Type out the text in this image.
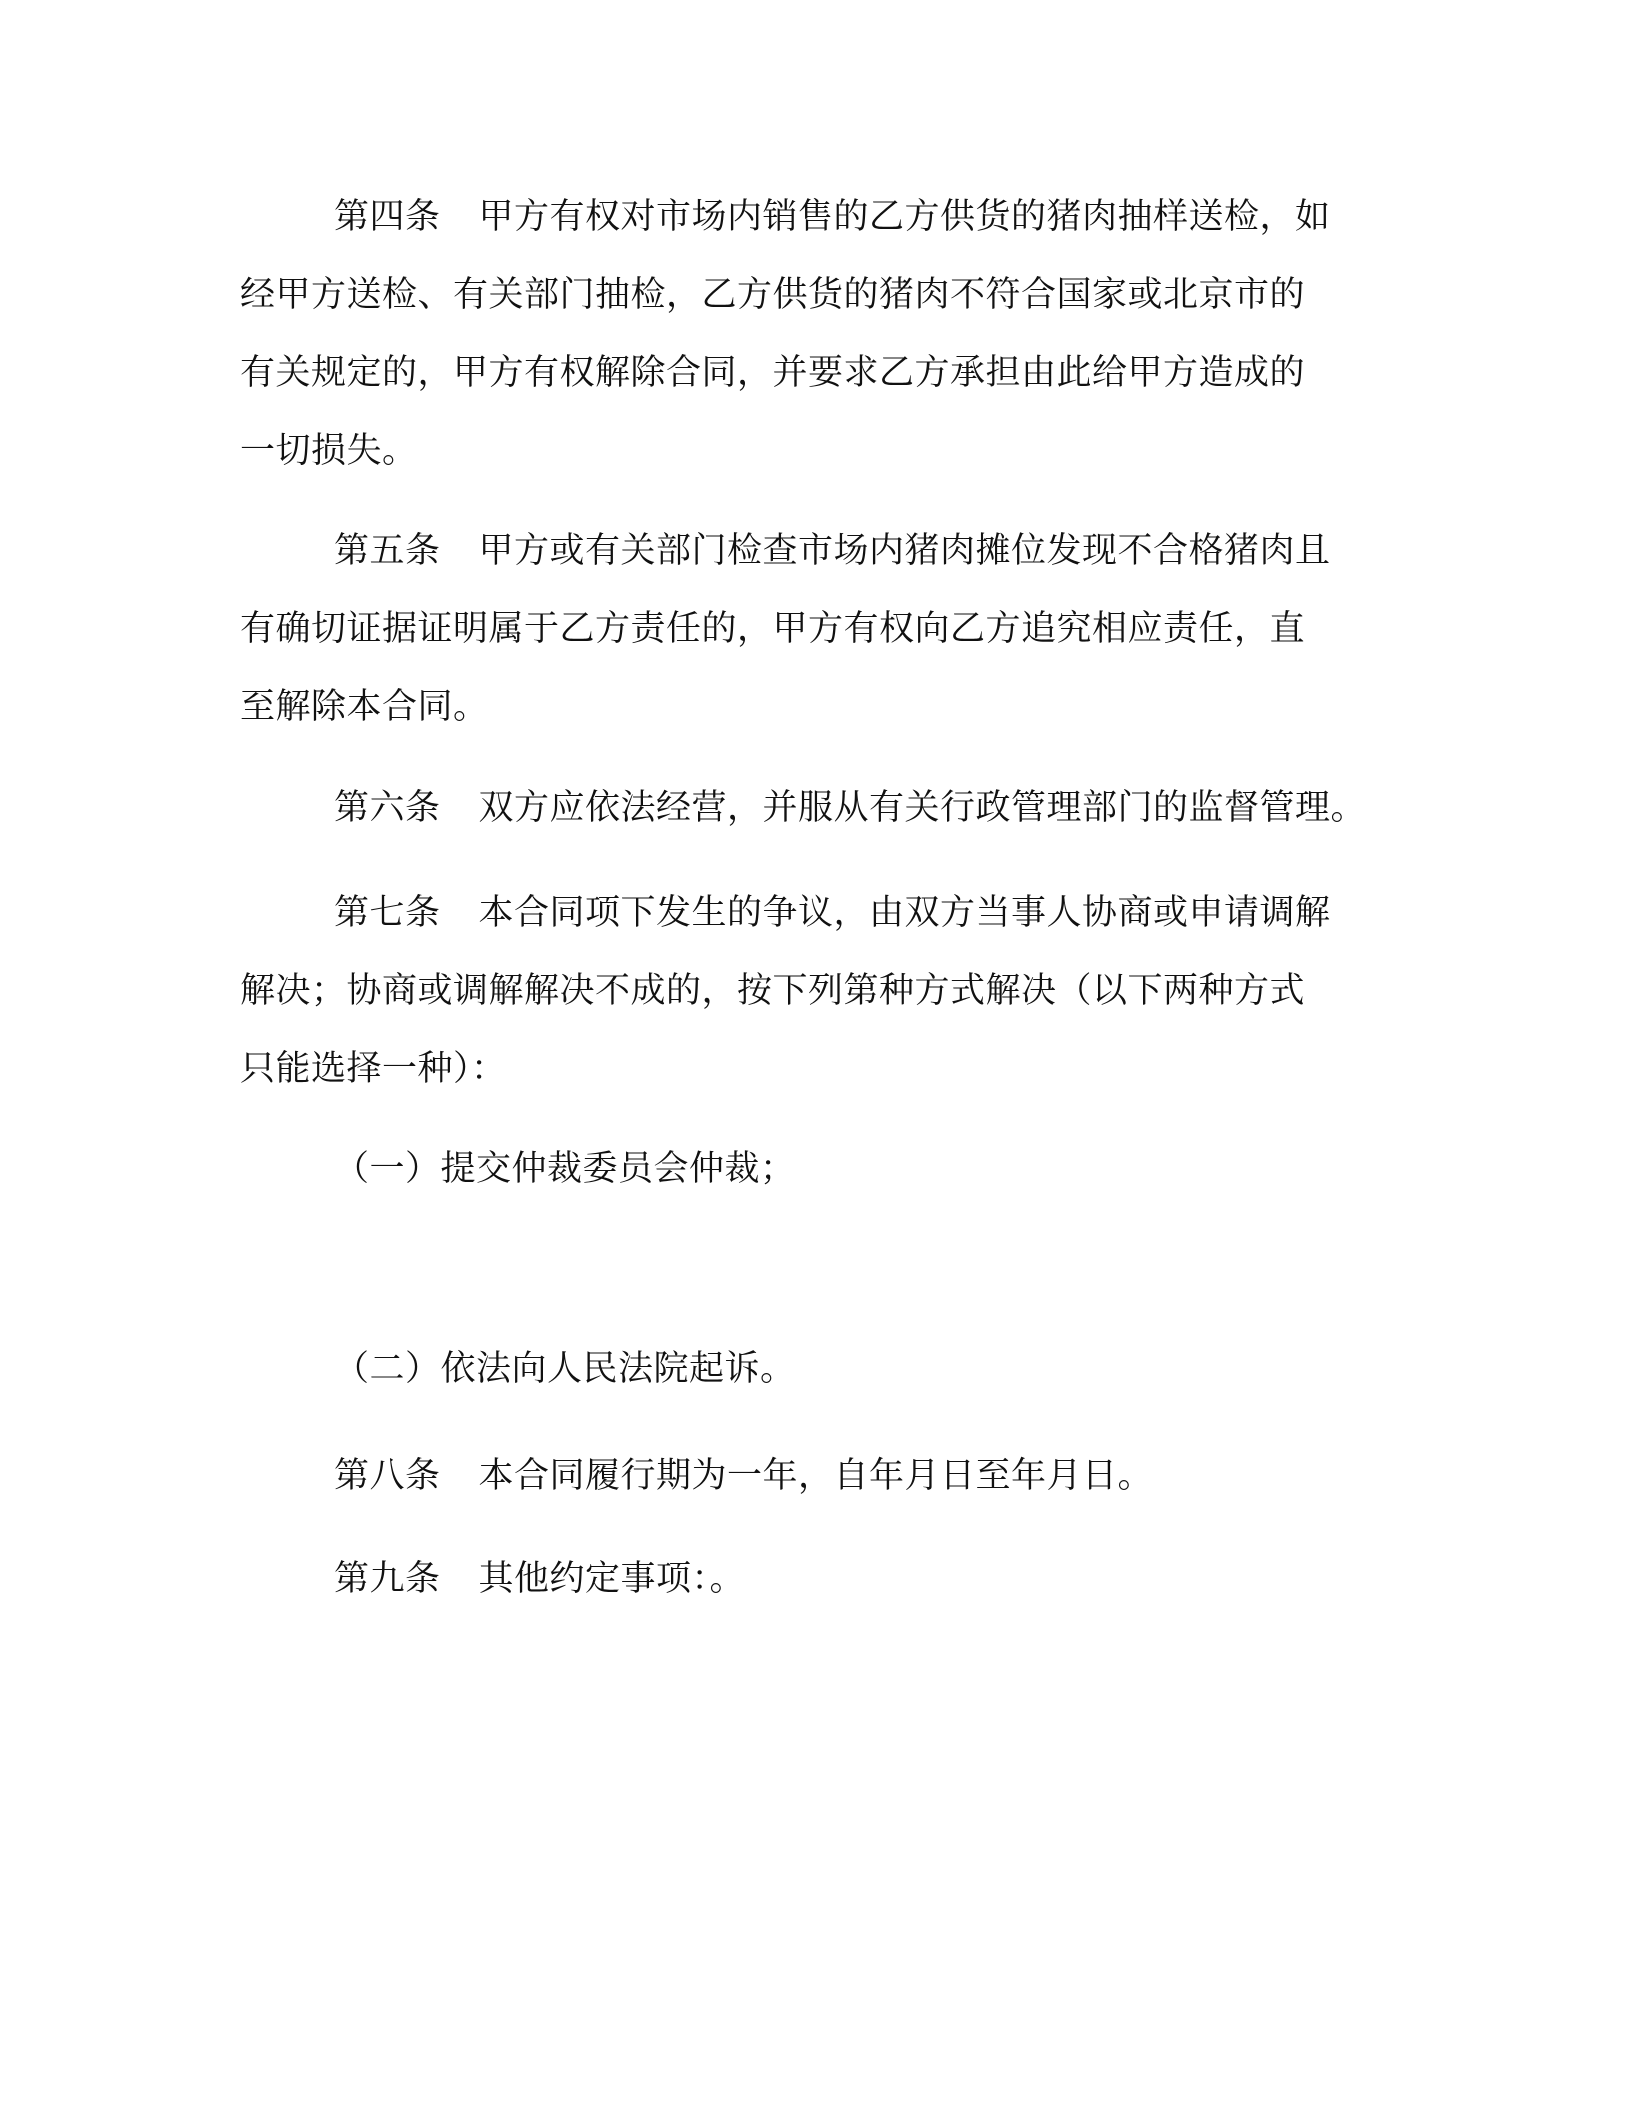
第四条 甲方有权对市场内销售的乙方供货的猪肉抽样送检，如
经甲方送检、有关部门抽检，乙方供货的猪肉不符合国家或北京市的
有关规定的，甲方有权解除合同，并要求乙方承担由此给甲方造成的
一切损失。
第五条 甲方或有关部门检查市场内猪肉摊位发现不合格猪肉且
有确切证据证明属于乙方责任的，甲方有权向乙方追究相应责任，直
至解除本合同。
第六条 双方应依法经营，并服从有关行政管理部门的监督管理。
第七条 本合同项下发生的争议，由双方当事人协商或申请调解
解决；协商或调解解决不成的，按下列第种方式解决（以下两种方式
只能选择一种）：
（一）提交仲裁委员会仲裁；
（二）依法向人民法院起诉。
第八条 本合同履行期为一年，自年月日至年月日。
第九条 其他约定事项：。
